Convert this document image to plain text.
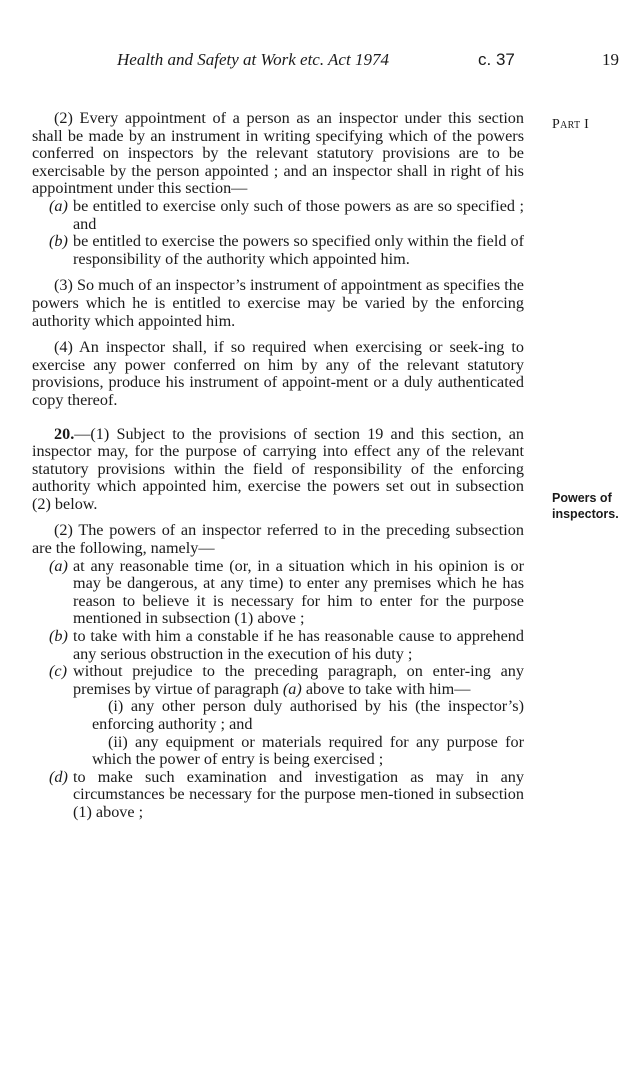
Health and Safety at Work etc. Act 1974	c. 37	19
Part I
Powers of
inspectors.

(2) Every appointment of a person as an inspector under this section shall be made by an instrument in writing specifying which of the powers conferred on inspectors by the relevant statutory provisions are to be exercisable by the person appointed ; and an inspector shall in right of his appointment under this section—

(a) be entitled to exercise only such of those powers as are so specified ; and
(b) be entitled to exercise the powers so specified only within the field of responsibility of the authority which appointed him.

(3) So much of an inspector’s instrument of appointment as specifies the powers which he is entitled to exercise may be varied by the enforcing authority which appointed him.

(4) An inspector shall, if so required when exercising or seek-ing to exercise any power conferred on him by any of the relevant statutory provisions, produce his instrument of appoint-ment or a duly authenticated copy thereof.

20.—(1) Subject to the provisions of section 19 and this section, an inspector may, for the purpose of carrying into effect any of the relevant statutory provisions within the field of responsibility of the enforcing authority which appointed him, exercise the powers set out in subsection (2) below.

(2) The powers of an inspector referred to in the preceding subsection are the following, namely—

(a) at any reasonable time (or, in a situation which in his opinion is or may be dangerous, at any time) to enter any premises which he has reason to believe it is necessary for him to enter for the purpose mentioned in subsection (1) above ;
(b) to take with him a constable if he has reasonable cause to apprehend any serious obstruction in the execution of his duty ;
(c) without prejudice to the preceding paragraph, on enter-ing any premises by virtue of paragraph (a) above to take with him—

(i) any other person duly authorised by his (the inspector’s) enforcing authority ; and

(ii) any equipment or materials required for any purpose for which the power of entry is being exercised ;

(d) to make such examination and investigation as may in any circumstances be necessary for the purpose men-tioned in subsection (1) above ;
